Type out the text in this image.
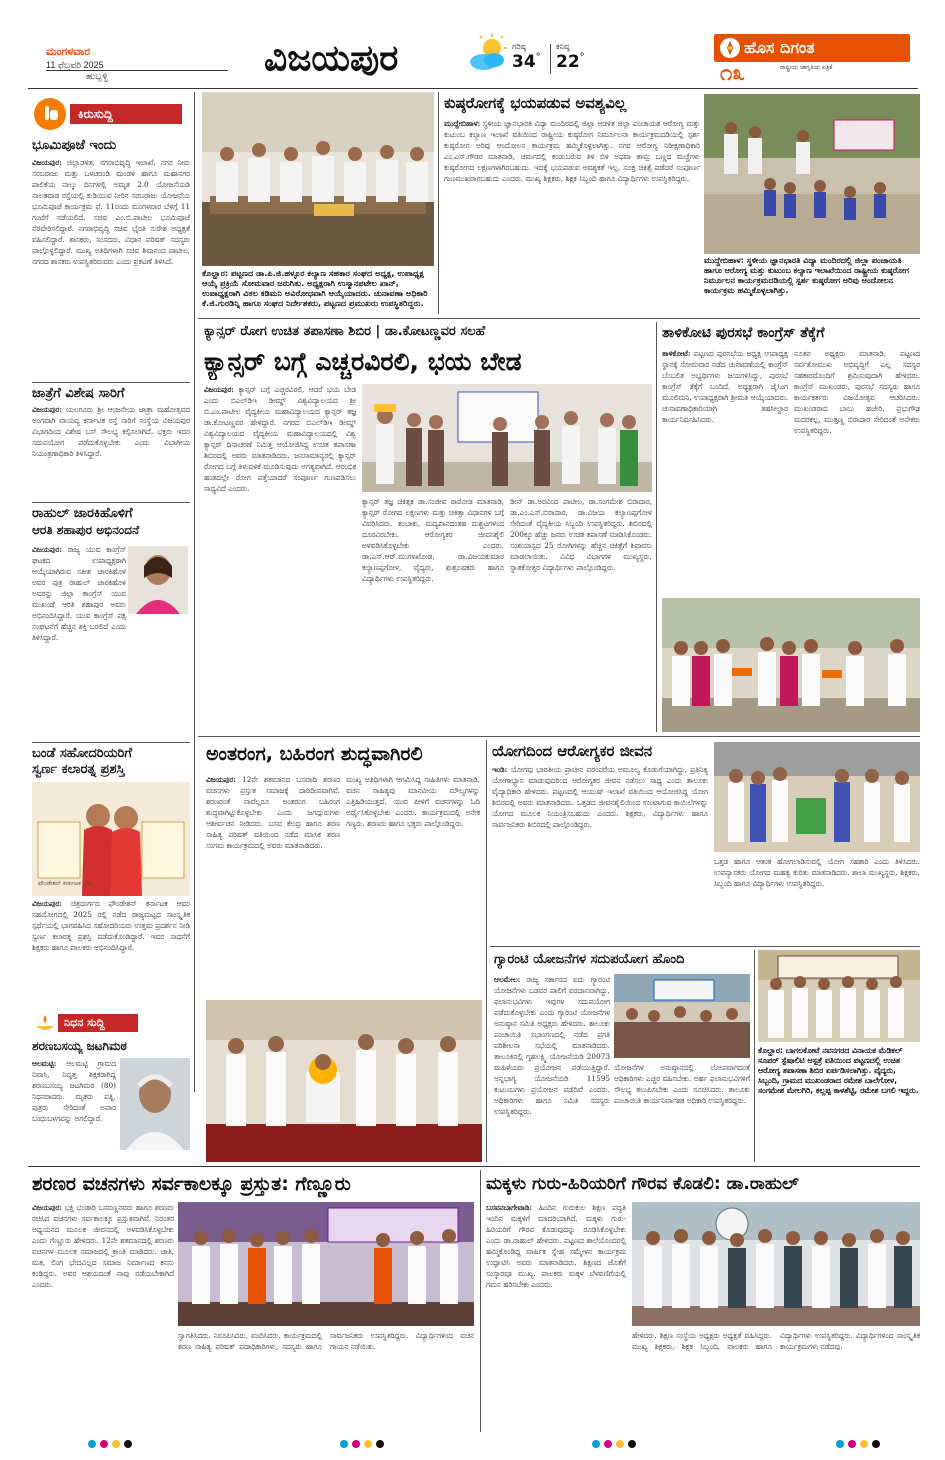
ಮಂಗಳವಾರ
11 ಫೆಬ್ರವರಿ 2025
ಹುಬ್ಬಳ್ಳಿ	ವಿಜಯಪುರ	ಗರಿಷ್ಠ
34°
ಕನಿಷ್ಠ
22°
ಹೊಸ ದಿಗಂತ
ರಾಷ್ಟ್ರೀಯ ಜಾಗೃತಿಯ ಪತ್ರಿಕೆ
೧೩
ಕಿರುಸುದ್ದಿ
ಭೂಮಿಪೂಜೆ ಇಂದು
ವಿಜಯಪುರ: ಜಿಲ್ಲಾಡಳಿತ, ನಗರಾಭಿವೃದ್ಧಿ ಇಲಾಖೆ, ನಗರ ನೀರು ಸರಬರಾಜು ಮತ್ತು ಒಳಚರಂಡಿ ಮಂಡಳಿ ಹಾಗೂ ಮಹಾನಗರ ಪಾಲಿಕೆಯ ನಾಲ್ಕು ದಿನಗಳಲ್ಲಿ ಅಮೃತ 2.0 ಯೋಜನೆಯಡಿ ನಾಲತವಾಡ ರಸ್ತೆಯಲ್ಲಿ ಕುಡಿಯುವ ನೀರಿನ ಸರಬರಾಜು ಯೋಜನೆಯ ಭೂಮಿಪೂಜೆ ಕಾರ್ಯಕ್ರಮ ಫೆ. 11ರಂದು ಮಂಗಳವಾರ ಬೆಳಿಗ್ಗೆ 11 ಗಂಟೆಗೆ ನಡೆಯಲಿದೆ. ಸಚಿವ ಎಂ.ಬಿ.ಪಾಟೀಲ ಭೂಮಿಪೂಜೆ ನೆರವೇರಿಸಲಿದ್ದಾರೆ. ನಗರಾಭಿವೃದ್ಧಿ ಸಚಿವ ಭೈರತಿ ಸುರೇಶ ಅಧ್ಯಕ್ಷತೆ ವಹಿಸಲಿದ್ದಾರೆ. ಶಾಸಕರು, ಸಂಸದರು, ವಿಧಾನ ಪರಿಷತ್ ಸದಸ್ಯರು ಪಾಲ್ಗೊಳ್ಳಲಿದ್ದಾರೆ. ಮುಖ್ಯ ಅತಿಥಿಗಳಾಗಿ ಸಚಿವ ಶಿವಾನಂದ ಪಾಟೀಲ, ನಗರದ ಶಾಸಕರು ಉಪಸ್ಥಿತರಿರುವರು ಎಂದು ಪ್ರಕಟಣೆ ತಿಳಿಸಿದೆ.
ಜಾತ್ರೆಗೆ ವಿಶೇಷ ಸಾರಿಗೆ
ವಿಜಯಪುರ: ಯಲಗೂರು ಶ್ರೀ ಆಂಜನೇಯ ಜಾತ್ರಾ ಮಹೋತ್ಸವದ ಅಂಗವಾಗಿ ವಾಯವ್ಯ ಕರ್ನಾಟಕ ರಸ್ತೆ ಸಾರಿಗೆ ಸಂಸ್ಥೆಯ ವಿಜಯಪುರ ವಿಭಾಗದಿಂದ ವಿಶೇಷ ಬಸ್ ಸೌಲಭ್ಯ ಕಲ್ಪಿಸಲಾಗಿದೆ. ಭಕ್ತರು ಇದರ ಸದುಪಯೋಗ ಪಡೆದುಕೊಳ್ಳಬೇಕು ಎಂದು ವಿಭಾಗೀಯ ನಿಯಂತ್ರಣಾಧಿಕಾರಿ ತಿಳಿಸಿದ್ದಾರೆ.
ರಾಹುಲ್ ಜಾರಕಿಹೊಳಿಗೆ
ಆರತಿ ಶಹಾಪುರ ಅಭಿನಂದನೆ
ವಿಜಯಪುರ: ರಾಜ್ಯ ಯುವ ಕಾಂಗ್ರೆಸ್ ಘಟಕದ ಉಪಾಧ್ಯಕ್ಷರಾಗಿ ಆಯ್ಕೆಯಾಗಿರುವ ಸತೀಶ ಜಾರಕಿಹೊಳಿ ಅವರ ಪುತ್ರ ರಾಹುಲ್ ಜಾರಕಿಹೊಳಿ ಅವರನ್ನು ಜಿಲ್ಲಾ ಕಾಂಗ್ರೆಸ್ ಯುವ ಮುಖಂಡೆ ಆರತಿ ಶಹಾಪುರ ಅವರು ಅಭಿನಂದಿಸಿದ್ದಾರೆ. ಯುವ ಕಾಂಗ್ರೆಸ್ ಪಕ್ಷ ಸಂಘಟನೆಗೆ ಹೆಚ್ಚಿನ ಶಕ್ತಿ ಬರಲಿದೆ ಎಂದು ತಿಳಿಸಿದ್ದಾರೆ.
ಬಂಡೆ ಸಹೋದರಿಯರಿಗೆ
ಸ್ವರ್ಣ ಕಲಾರತ್ನ ಪ್ರಶಸ್ತಿ
ಫೌಂಡೇಶನ್ ಕರ್ನಾಟಕ ಪ್ರಶಸ್ತಿ
ವಿಜಯಪುರ: ಚಿತ್ರದುರ್ಗದ ಫೌಂಡೇಶನ್ ಕರ್ನಾಟಕ ಆವರ ಸಹಯೋಗದಲ್ಲಿ 2025 ರಲ್ಲಿ ನಡೆದ ರಾಜ್ಯಮಟ್ಟದ ಸಾಂಸ್ಕೃತಿಕ ಸ್ಪರ್ಧೆಯಲ್ಲಿ ಭಾಗವಹಿಸಿದ ಸಹೋದರಿಯರು ಉತ್ತಮ ಪ್ರದರ್ಶನ ನೀಡಿ ಸ್ವರ್ಣ ಕಲಾರತ್ನ ಪ್ರಶಸ್ತಿ ಪಡೆದುಕೊಂಡಿದ್ದಾರೆ. ಇವರ ಸಾಧನೆಗೆ ಶಿಕ್ಷಕರು ಹಾಗೂ ಪಾಲಕರು ಅಭಿನಂದಿಸಿದ್ದಾರೆ.
ನಿಧನ ಸುದ್ದಿ
ಶರಣಬಸಯ್ಯ ಜಟಗಿಮಠ
ಆಲಮಟ್ಟಿ: ಆಲಮಟ್ಟಿ ಗ್ರಾಮದ ನಿವಾಸಿ, ನಿವೃತ್ತ ಶಿಕ್ಷಕರಾಗಿದ್ದ ಶರಣಬಸಯ್ಯ ಜಟಗಿಮಠ (80) ನಿಧನರಾದರು. ಮೃತರು ಪತ್ನಿ, ಪುತ್ರರು ಸೇರಿದಂತೆ ಅಪಾರ ಬಂಧುಬಳಗವನ್ನು ಅಗಲಿದ್ದಾರೆ.
ಕೊಲ್ಹಾರ: ಪಟ್ಟಣದ ಡಾ.ಪಿ.ಜಿ.ಹಳ್ಳೂರ ಕಲ್ಯಾಣ ಸಹಕಾರ ಸಂಘದ ಅಧ್ಯಕ್ಷ, ಉಪಾಧ್ಯಕ್ಷ ಆಯ್ಕೆ ಪ್ರಕ್ರಿಯೆ ಸೋಮವಾರ ಜರುಗಿತು. ಅಧ್ಯಕ್ಷರಾಗಿ ಉಸ್ಮಾನಪಟೇಲ ಖಾನ್, ಉಪಾಧ್ಯಕ್ಷರಾಗಿ ವಿಠಲ ಕಡಿಮನಿ ಅವಿರೋಧವಾಗಿ ಆಯ್ಕೆಯಾದರು. ಚುನಾವಣಾ ಅಧಿಕಾರಿ ಕೆ.ಜಿ.ಗುರಡಿನ್ನಿ ಹಾಗೂ ಸಂಘದ ನಿರ್ದೇಶಕರು, ಪಟ್ಟಣದ ಪ್ರಮುಖರು ಉಪಸ್ಥಿತರಿದ್ದರು.
ಕುಷ್ಠರೋಗಕ್ಕೆ ಭಯಪಡುವ ಅವಶ್ಯವಿಲ್ಲ
ಮುದ್ದೇಬಿಹಾಳ: ಸ್ಥಳೀಯ ಜ್ಞಾನಭಾರತಿ ವಿದ್ಯಾ ಮಂದಿರದಲ್ಲಿ ಜಿಲ್ಲಾ ಆಡಳಿತ ಜಿಲ್ಲಾ ಪಂಚಾಯತ ಆರೋಗ್ಯ ಮತ್ತು ಕುಟುಂಬ ಕಲ್ಯಾಣ ಇಲಾಖೆ ವತಿಯಿಂದ ರಾಷ್ಟ್ರೀಯ ಕುಷ್ಠರೋಗ ನಿರ್ಮೂಲನಾ ಕಾರ್ಯಕ್ರಮದಡಿಯಲ್ಲಿ ಸ್ಪರ್ಶ ಕುಷ್ಠರೋಗ ಅರಿವು ಆಂದೋಲನ ಕಾರ್ಯಕ್ರಮ ಹಮ್ಮಿಕೊಳ್ಳಲಾಗಿತ್ತು. ನಗರ ಆರೋಗ್ಯ ನಿರೀಕ್ಷಣಾಧಿಕಾರಿ ಎಂ.ಎಸ್.ಗೌಡರ ಮಾತನಾಡಿ, ಚರ್ಮದಲ್ಲಿ ಕಂಡುಬರುವ ತಿಳಿ ಬಿಳಿ ಅಥವಾ ತಾಮ್ರ ಬಣ್ಣದ ಮಚ್ಚೆಗಳು ಕುಷ್ಠರೋಗದ ಲಕ್ಷಣಗಳಾಗಿರಬಹುದು. ಇದಕ್ಕೆ ಭಯಪಡುವ ಅವಶ್ಯಕತೆ ಇಲ್ಲ. ಸೂಕ್ತ ಚಿಕಿತ್ಸೆ ಪಡೆದರೆ ಸಂಪೂರ್ಣ ಗುಣಮುಖರಾಗಬಹುದು ಎಂದರು. ಮುಖ್ಯ ಶಿಕ್ಷಕರು, ಶಿಕ್ಷಕ ಸಿಬ್ಬಂದಿ ಹಾಗೂ ವಿದ್ಯಾರ್ಥಿಗಳು ಉಪಸ್ಥಿತರಿದ್ದರು.
ಮುದ್ದೇಬಿಹಾಳ: ಸ್ಥಳೀಯ ಜ್ಞಾನಭಾರತಿ ವಿದ್ಯಾ ಮಂದಿರದಲ್ಲಿ ಜಿಲ್ಲಾ ಪಂಚಾಯತಿ ಹಾಗೂ ಆರೋಗ್ಯ ಮತ್ತು ಕುಟುಂಬ ಕಲ್ಯಾಣ ಇಲಾಖೆಯಿಂದ ರಾಷ್ಟ್ರೀಯ ಕುಷ್ಠರೋಗ ನಿರ್ಮೂಲನ ಕಾರ್ಯಕ್ರಮದಡಿಯಲ್ಲಿ ಸ್ಪರ್ಶ ಕುಷ್ಠರೋಗ ಅರಿವು ಆಂದೋಲನ ಕಾರ್ಯಕ್ರಮ ಹಮ್ಮಿಕೊಳ್ಳಲಾಗಿತ್ತು.
ಕ್ಯಾನ್ಸರ್ ರೋಗ ಉಚಿತ ತಪಾಸಣಾ ಶಿಬಿರ | ಡಾ.ಕೋಟಣ್ಣವರ ಸಲಹೆ
ಕ್ಯಾನ್ಸರ್ ಬಗ್ಗೆ ಎಚ್ಚರವಿರಲಿ, ಭಯ ಬೇಡ
ವಿಜಯಪುರ: ಕ್ಯಾನ್ಸರ್ ಬಗ್ಗೆ ಎಚ್ಚರವಿರಲಿ, ಆದರೆ ಭಯ ಬೇಡ ಎಂದು ಬಿಎಲ್‌ಡಿಇ ಡೀಮ್ಡ್ ವಿಶ್ವವಿದ್ಯಾಲಯದ ಶ್ರೀ ಬಿ.ಎಂ.ಪಾಟೀಲ ವೈದ್ಯಕೀಯ ಮಹಾವಿದ್ಯಾಲಯದ ಕ್ಯಾನ್ಸರ್ ತಜ್ಞ ಡಾ.ಕೋಟಣ್ಣವರ ಹೇಳಿದ್ದಾರೆ. ನಗರದ ಬಿಎಲ್‌ಡಿಇ ಡೀಮ್ಡ್ ವಿಶ್ವವಿದ್ಯಾಲಯದ ವೈದ್ಯಕೀಯ ಮಹಾವಿದ್ಯಾಲಯದಲ್ಲಿ ವಿಶ್ವ ಕ್ಯಾನ್ಸರ್ ದಿನಾಚರಣೆ ನಿಮಿತ್ತ ಆಯೋಜಿಸಿದ್ದ ಉಚಿತ ತಪಾಸಣಾ ಶಿಬಿರದಲ್ಲಿ ಅವರು ಮಾತನಾಡಿದರು. ಜನಸಾಮಾನ್ಯರಲ್ಲಿ ಕ್ಯಾನ್ಸರ್ ರೋಗದ ಬಗ್ಗೆ ತಿಳುವಳಿಕೆ ಮೂಡಿಸುವುದು ಅಗತ್ಯವಾಗಿದೆ. ಆರಂಭಿಕ ಹಂತದಲ್ಲೇ ರೋಗ ಪತ್ತೆಯಾದರೆ ಸಂಪೂರ್ಣ ಗುಣಪಡಿಸಲು ಸಾಧ್ಯವಿದೆ ಎಂದರು.
ಕ್ಯಾನ್ಸರ್ ತಜ್ಞ ಚಿಕಿತ್ಸಕ ಡಾ.ಸಂಜೀವ ರಾಠೋಡ ಮಾತನಾಡಿ, ಕ್ಯಾನ್ಸರ್ ರೋಗದ ಲಕ್ಷಣಗಳು ಮತ್ತು ಚಿಕಿತ್ಸಾ ವಿಧಾನಗಳ ಬಗ್ಗೆ ವಿವರಿಸಿದರು. ತಂಬಾಕು, ಮದ್ಯಪಾನದಂತಹ ದುಶ್ಚಟಗಳಿಂದ ದೂರವಿರಬೇಕು. ಆರೋಗ್ಯಕರ ಜೀವನಶೈಲಿ ಅಳವಡಿಸಿಕೊಳ್ಳಬೇಕು ಎಂದರು. ಡಾ.ಎಸ್.ಆರ್.ಮುಗಳಖೋಡ, ಡಾ.ವಿಜಯಕುಮಾರ ಕಲ್ಯಾಣಪ್ಪಗೋಳ, ವೈದ್ಯರು, ಶುಶ್ರೂಷಕರು ಹಾಗೂ ವಿದ್ಯಾರ್ಥಿಗಳು ಉಪಸ್ಥಿತರಿದ್ದರು.
ಡೀನ್ ಡಾ.ಅರವಿಂದ ಪಾಟೀಲ, ಡಾ.ಸಂಗಮೇಶ ಬಿರಾದಾರ, ಡಾ.ಎಂ.ಎಸ್.ಬಿರಾದಾರ, ಡಾ.ವಿಜಯ ಕಲ್ಯಾಣಪ್ಪಗೋಳ ಸೇರಿದಂತೆ ವೈದ್ಯಕೀಯ ಸಿಬ್ಬಂದಿ ಉಪಸ್ಥಿತರಿದ್ದರು. ಶಿಬಿರದಲ್ಲಿ 200ಕ್ಕೂ ಹೆಚ್ಚು ಜನರು ಉಚಿತ ತಪಾಸಣೆ ಮಾಡಿಸಿಕೊಂಡರು. ಸಂಶಯಾಸ್ಪದ 25 ರೋಗಿಗಳನ್ನು ಹೆಚ್ಚಿನ ಚಿಕಿತ್ಸೆಗೆ ಶಿಫಾರಸು ಮಾಡಲಾಯಿತು. ವಿವಿಧ ವಿಭಾಗಗಳ ಮುಖ್ಯಸ್ಥರು, ಸ್ನಾತಕೋತ್ತರ ವಿದ್ಯಾರ್ಥಿಗಳು ಪಾಲ್ಗೊಂಡಿದ್ದರು.
ತಾಳಿಕೋಟಿ ಪುರಸಭೆ ಕಾಂಗ್ರೆಸ್ ತೆಕ್ಕೆಗೆ
ತಾಳಿಕೋಟೆ: ಪಟ್ಟಣದ ಪುರಸಭೆಯ ಅಧ್ಯಕ್ಷ ಉಪಾಧ್ಯಕ್ಷ ಸ್ಥಾನಕ್ಕೆ ಸೋಮವಾರ ನಡೆದ ಚುನಾವಣೆಯಲ್ಲಿ ಕಾಂಗ್ರೆಸ್ ಬೆಂಬಲಿತ ಅಭ್ಯರ್ಥಿಗಳು ಜಯಗಳಿಸಿದ್ದು, ಪುರಸಭೆ ಕಾಂಗ್ರೆಸ್ ತೆಕ್ಕೆಗೆ ಬಂದಿದೆ. ಅಧ್ಯಕ್ಷರಾಗಿ ಜೈಸಿಂಗ ಮೂಲಿಮನಿ, ಉಪಾಧ್ಯಕ್ಷರಾಗಿ ಶ್ರೀಮತಿ ಆಯ್ಕೆಯಾದರು. ಚುನಾವಣಾಧಿಕಾರಿಯಾಗಿ ತಹಸೀಲ್ದಾರ ಕಾರ್ಯನಿರ್ವಹಿಸಿದರು.
ನೂತನ ಅಧ್ಯಕ್ಷರು ಮಾತನಾಡಿ, ಪಟ್ಟಣದ ಸರ್ವತೋಮುಖ ಅಭಿವೃದ್ಧಿಗೆ ಎಲ್ಲ ಸದಸ್ಯರ ಸಹಕಾರದೊಂದಿಗೆ ಶ್ರಮಿಸುವುದಾಗಿ ಹೇಳಿದರು. ಕಾಂಗ್ರೆಸ್ ಮುಖಂಡರು, ಪುರಸಭೆ ಸದಸ್ಯರು ಹಾಗೂ ಕಾರ್ಯಕರ್ತರು ವಿಜಯೋತ್ಸವ ಆಚರಿಸಿದರು. ಮುಖಂಡರಾದ ಬಾಬು ಹಜೇರಿ, ಪ್ರಭುಗೌಡ ಮದರಕಲ್ಲ, ಮುತ್ತಣ್ಣ ಬಿರಾದಾರ ಸೇರಿದಂತೆ ಅನೇಕರು ಉಪಸ್ಥಿತರಿದ್ದರು.
ಅಂತರಂಗ, ಬಹಿರಂಗ ಶುದ್ಧವಾಗಿರಲಿ
ವಿಜಯಪುರ: 12ನೇ ಶತಮಾನದ ಬಸವಾದಿ ಶರಣರ ವಚನಗಳು ಪ್ರಸ್ತುತ ಸಮಾಜಕ್ಕೆ ದಾರಿದೀಪವಾಗಿವೆ. ಶರಣರಂತೆ ನಾವೆಲ್ಲರೂ ಅಂತರಂಗ ಬಹಿರಂಗ ಶುದ್ಧವಾಗಿಟ್ಟುಕೊಳ್ಳಬೇಕು ಎಂದು ಜಗದ್ಗುರುಗಳು ಆಶೀರ್ವಚನ ನೀಡಿದರು. ಬಸವ ಕೇಂದ್ರ ಹಾಗೂ ಶರಣ ಸಾಹಿತ್ಯ ಪರಿಷತ್ ವತಿಯಿಂದ ನಡೆದ ಮಾಸಿಕ ಶರಣ ಸಂಗಮ ಕಾರ್ಯಕ್ರಮದಲ್ಲಿ ಅವರು ಮಾತನಾಡಿದರು.
ಮುಖ್ಯ ಅತಿಥಿಗಳಾಗಿ ಆಗಮಿಸಿದ್ದ ಸಾಹಿತಿಗಳು ಮಾತನಾಡಿ, ವಚನ ಸಾಹಿತ್ಯವು ಮಾನವೀಯ ಮೌಲ್ಯಗಳನ್ನು ಎತ್ತಿಹಿಡಿಯುತ್ತದೆ. ಯುವ ಪೀಳಿಗೆ ವಚನಗಳನ್ನು ಓದಿ ಅರ್ಥೈಸಿಕೊಳ್ಳಬೇಕು ಎಂದರು. ಕಾರ್ಯಕ್ರಮದಲ್ಲಿ ಅನೇಕ ಗಣ್ಯರು, ಶರಣರು ಹಾಗೂ ಭಕ್ತರು ಪಾಲ್ಗೊಂಡಿದ್ದರು.
ಯೋಗದಿಂದ ಆರೋಗ್ಯಕರ ಜೀವನ
ಇಂಡಿ: ಯೋಗವು ಭಾರತೀಯ ಪ್ರಾಚೀನ ಪರಂಪರೆಯ ಅಮೂಲ್ಯ ಕೊಡುಗೆಯಾಗಿದ್ದು, ಪ್ರತಿನಿತ್ಯ ಯೋಗಾಭ್ಯಾಸ ಮಾಡುವುದರಿಂದ ಆರೋಗ್ಯಕರ ಜೀವನ ನಡೆಸಲು ಸಾಧ್ಯ ಎಂದು ತಾಲೂಕು ವೈದ್ಯಾಧಿಕಾರಿ ಹೇಳಿದರು. ಪಟ್ಟಣದಲ್ಲಿ ಆಯುಷ್ ಇಲಾಖೆ ವತಿಯಿಂದ ಆಯೋಜಿಸಿದ್ದ ಯೋಗ ಶಿಬಿರದಲ್ಲಿ ಅವರು ಮಾತನಾಡಿದರು. ಒತ್ತಡದ ಜೀವನಶೈಲಿಯಿಂದ ಉಂಟಾಗುವ ಕಾಯಿಲೆಗಳನ್ನು ಯೋಗದ ಮೂಲಕ ನಿಯಂತ್ರಿಸಬಹುದು ಎಂದರು. ಶಿಕ್ಷಕರು, ವಿದ್ಯಾರ್ಥಿಗಳು ಹಾಗೂ ಸಾರ್ವಜನಿಕರು ಶಿಬಿರದಲ್ಲಿ ಪಾಲ್ಗೊಂಡಿದ್ದರು.
ಒತ್ತಡ ಹಾಗೂ ಆತಂಕ ಹೋಗಲಾಡಿಸುವಲ್ಲಿ ಯೋಗ ಸಹಕಾರಿ ಎಂದು ತಿಳಿಸಿದರು. ಉಪನ್ಯಾಸಕರು ಯೋಗದ ಮಹತ್ವ ಕುರಿತು ಮಾತನಾಡಿದರು. ಶಾಲಾ ಮುಖ್ಯಸ್ಥರು, ಶಿಕ್ಷಕರು, ಸಿಬ್ಬಂದಿ ಹಾಗೂ ವಿದ್ಯಾರ್ಥಿಗಳು ಉಪಸ್ಥಿತರಿದ್ದರು.
ಗ್ಯಾರಂಟಿ ಯೋಜನೆಗಳ ಸದುಪಯೋಗ ಹೊಂದಿ
ಆಲಮೇಲ: ರಾಜ್ಯ ಸರ್ಕಾರದ ಐದು ಗ್ಯಾರಂಟಿ ಯೋಜನೆಗಳು ಬಡವರ ಪಾಲಿಗೆ ವರದಾನವಾಗಿದ್ದು, ಫಲಾನುಭವಿಗಳು ಇವುಗಳ ಸದುಪಯೋಗ ಪಡೆದುಕೊಳ್ಳಬೇಕು ಎಂದು ಗ್ಯಾರಂಟಿ ಯೋಜನೆಗಳ ಅನುಷ್ಠಾನ ಸಮಿತಿ ಅಧ್ಯಕ್ಷರು ಹೇಳಿದರು. ತಾಲೂಕು ಪಂಚಾಯಿತಿ ಸಭಾಂಗಣದಲ್ಲಿ ನಡೆದ ಪ್ರಗತಿ ಪರಿಶೀಲನಾ ಸಭೆಯಲ್ಲಿ ಮಾತನಾಡಿದರು. ತಾಲೂಕಿನಲ್ಲಿ ಗೃಹಲಕ್ಷ್ಮಿ ಯೋಜನೆಯಡಿ 20073 ಮಹಿಳೆಯರು ಪ್ರಯೋಜನ ಪಡೆಯುತ್ತಿದ್ದಾರೆ. ಅನ್ನಭಾಗ್ಯ ಯೋಜನೆಯಡಿ 11595 ಕುಟುಂಬಗಳು ಪ್ರಯೋಜನ ಪಡೆದಿವೆ ಎಂದರು. ಅಧಿಕಾರಿಗಳು ಹಾಗೂ ಸಮಿತಿ ಸದಸ್ಯರು ಉಪಸ್ಥಿತರಿದ್ದರು.
ಯೋಜನೆಗಳ ಅನುಷ್ಠಾನದಲ್ಲಿ ಲೋಪವಾಗದಂತೆ ಅಧಿಕಾರಿಗಳು ಎಚ್ಚರ ವಹಿಸಬೇಕು. ಅರ್ಹ ಫಲಾನುಭವಿಗಳಿಗೆ ಸೌಲಭ್ಯ ತಲುಪಿಸಬೇಕು ಎಂದು ಸೂಚಿಸಿದರು. ತಾಲೂಕು ಪಂಚಾಯಿತಿ ಕಾರ್ಯನಿರ್ವಾಹಕ ಅಧಿಕಾರಿ ಉಪಸ್ಥಿತರಿದ್ದರು.
ಕೊಲ್ಹಾರ: ಬಾಗಲಕೋಟೆ ನವನಗರದ ವಿನಾಯಕ ಮೆಡಿಕಲ್ ಸೂಪರ್ ಸ್ಪೆಷಾಲಿಟಿ ಆಸ್ಪತ್ರೆ ವತಿಯಿಂದ ಪಟ್ಟಣದಲ್ಲಿ ಉಚಿತ ಆರೋಗ್ಯ ತಪಾಸಣಾ ಶಿಬಿರ ಏರ್ಪಡಿಸಲಾಗಿತ್ತು. ವೈದ್ಯರು, ಸಿಬ್ಬಂದಿ, ಗ್ರಾಮದ ಮುಖಂಡರಾದ ರಮೇಶ ಬಾಲೆಗೋಳ, ಸಂಗಮೇಶ ಮೇಲಗಿರಿ, ಕಲ್ಲಪ್ಪ ಕಾಳಶೆಟ್ಟಿ, ರಮೇಶ ಬಗಲಿ ಇದ್ದರು.
ಶರಣರ ವಚನಗಳು ಸರ್ವಕಾಲಕ್ಕೂ ಪ್ರಸ್ತುತ: ಗೆಣ್ಣೂರು
ವಿಜಯಪುರ: ಭಕ್ತಿ ಭಂಡಾರಿ ಬಸವಣ್ಣನವರು ಹಾಗೂ ಶರಣರು ರಚಿಸಿದ ವಚನಗಳು ಸರ್ವಕಾಲಕ್ಕೂ ಪ್ರಸ್ತುತವಾಗಿವೆ. ನಿರಂತರ ಅಧ್ಯಯನದ ಮೂಲಕ ಜೀವನದಲ್ಲಿ ಅಳವಡಿಸಿಕೊಳ್ಳಬೇಕು ಎಂದು ಗೆಣ್ಣೂರು ಹೇಳಿದರು. 12ನೇ ಶತಮಾನದಲ್ಲಿ ಶರಣರು ವಚನಗಳ ಮೂಲಕ ಸಮಾಜದಲ್ಲಿ ಕ್ರಾಂತಿ ಮಾಡಿದರು. ಜಾತಿ, ಮತ, ಲಿಂಗ ಭೇದವಿಲ್ಲದ ಸಮಾಜ ನಿರ್ಮಾಣದ ಕನಸು ಕಂಡಿದ್ದರು. ಅವರ ಆಶಯದಂತೆ ನಾವು ನಡೆಯಬೇಕಾಗಿದೆ ಎಂದರು.
ಸ್ವಾಗತಿಸಿದರು. ನಿರೂಪಿಸಿದರು, ವಂದಿಸಿದರು. ಕಾರ್ಯಕ್ರಮದಲ್ಲಿ ಶರಣ ಸಾಹಿತ್ಯ ಪರಿಷತ್ ಪದಾಧಿಕಾರಿಗಳು, ಸದಸ್ಯರು ಹಾಗೂ ಸಾರ್ವಜನಿಕರು ಉಪಸ್ಥಿತರಿದ್ದರು. ವಿದ್ಯಾರ್ಥಿಗಳಿಂದ ವಚನ ಗಾಯನ ನಡೆಯಿತು.
ಮಕ್ಕಳು ಗುರು-ಹಿರಿಯರಿಗೆ ಗೌರವ ಕೊಡಲಿ: ಡಾ.ರಾಹುಲ್
ಬಸವನಬಾಗೇವಾಡಿ: ಹಿಂದಿನ ಗುರುಕುಲ ಶಿಕ್ಷಣ ಪದ್ಧತಿ ಇಂದಿನ ಮಕ್ಕಳಿಗೆ ಮಾದರಿಯಾಗಿದೆ. ಮಕ್ಕಳು ಗುರು-ಹಿರಿಯರಿಗೆ ಗೌರವ ಕೊಡುವುದನ್ನು ರೂಢಿಸಿಕೊಳ್ಳಬೇಕು ಎಂದು ಡಾ.ರಾಹುಲ್ ಹೇಳಿದರು. ಪಟ್ಟಣದ ಶಾಲೆಯೊಂದರಲ್ಲಿ ಹಮ್ಮಿಕೊಂಡಿದ್ದ ವಾರ್ಷಿಕ ಸ್ನೇಹ ಸಮ್ಮೇಳನ ಕಾರ್ಯಕ್ರಮ ಉದ್ಘಾಟಿಸಿ ಅವರು ಮಾತನಾಡಿದರು. ಶಿಕ್ಷಣದ ಜೊತೆಗೆ ಸಂಸ್ಕಾರವೂ ಮುಖ್ಯ. ಪಾಲಕರು ಮಕ್ಕಳ ಬೆಳವಣಿಗೆಯಲ್ಲಿ ಗಮನ ಹರಿಸಬೇಕು ಎಂದರು.
ಹೇಳಿದರು. ಶಿಕ್ಷಣ ಸಂಸ್ಥೆಯ ಅಧ್ಯಕ್ಷರು ಅಧ್ಯಕ್ಷತೆ ವಹಿಸಿದ್ದರು. ಮುಖ್ಯ ಶಿಕ್ಷಕರು, ಶಿಕ್ಷಕ ಸಿಬ್ಬಂದಿ, ಪಾಲಕರು ಹಾಗೂ ವಿದ್ಯಾರ್ಥಿಗಳು ಉಪಸ್ಥಿತರಿದ್ದರು. ವಿದ್ಯಾರ್ಥಿಗಳಿಂದ ಸಾಂಸ್ಕೃತಿಕ ಕಾರ್ಯಕ್ರಮಗಳು ನಡೆದವು.
